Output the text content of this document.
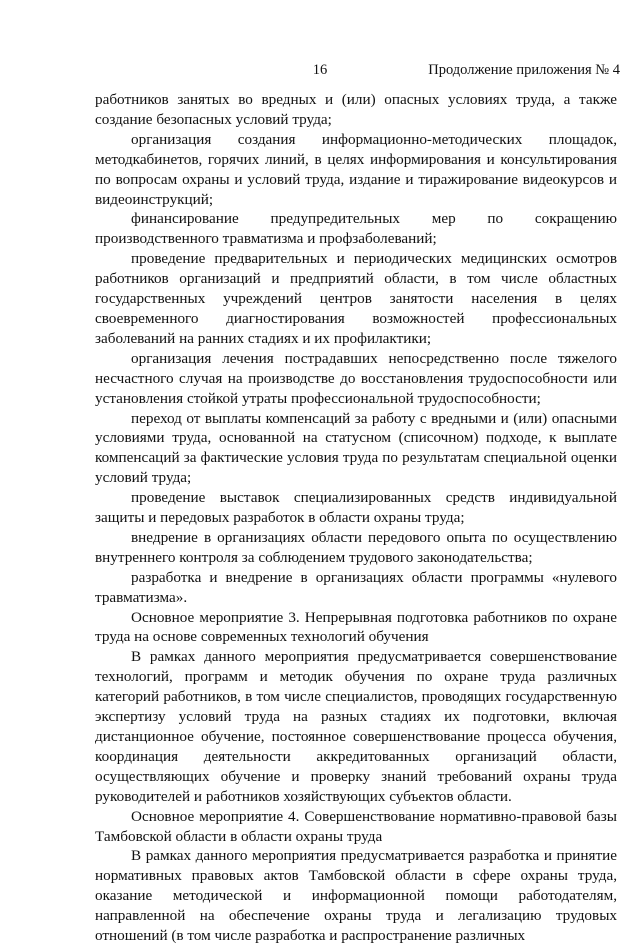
16	Продолжение приложения № 4

работников занятых во вредных и (или) опасных условиях труда, а также создание безопасных условий труда;

организация создания информационно-методических площадок, методкабинетов, горячих линий, в целях информирования и консультирования по вопросам охраны и условий труда, издание и тиражирование видеокурсов и видеоинструкций;

финансирование предупредительных мер по сокращению производственного травматизма и профзаболеваний;

проведение предварительных и периодических медицинских осмотров работников организаций и предприятий области, в том числе областных государственных учреждений центров занятости населения в целях своевременного диагностирования возможностей профессиональных заболеваний на ранних стадиях и их профилактики;

организация лечения пострадавших непосредственно после тяжелого несчастного случая на производстве до восстановления трудоспособности или установления стойкой утраты профессиональной трудоспособности;

переход от выплаты компенсаций за работу с вредными и (или) опасными условиями труда, основанной на статусном (списочном) подходе, к выплате компенсаций за фактические условия труда по результатам специальной оценки условий труда;

проведение выставок специализированных средств индивидуальной защиты и передовых разработок в области охраны труда;

внедрение в организациях области передового опыта по осуществлению внутреннего контроля за соблюдением трудового законодательства;

разработка и внедрение в организациях области программы «нулевого травматизма».

Основное мероприятие 3. Непрерывная подготовка работников по охране труда на основе современных технологий обучения

В рамках данного мероприятия предусматривается совершенствование технологий, программ и методик обучения по охране труда различных категорий работников, в том числе специалистов, проводящих государственную экспертизу условий труда на разных стадиях их подготовки, включая дистанционное обучение, постоянное совершенствование процесса обучения, координация деятельности аккредитованных организаций области, осуществляющих обучение и проверку знаний требований охраны труда руководителей и работников хозяйствующих субъектов области.

Основное мероприятие 4. Совершенствование нормативно-правовой базы Тамбовской области в области охраны труда

В рамках данного мероприятия предусматривается разработка и принятие нормативных правовых актов Тамбовской области в сфере охраны труда, оказание методической и информационной помощи работодателям, направленной на обеспечение охраны труда и легализацию трудовых отношений (в том числе разработка и распространение различных
